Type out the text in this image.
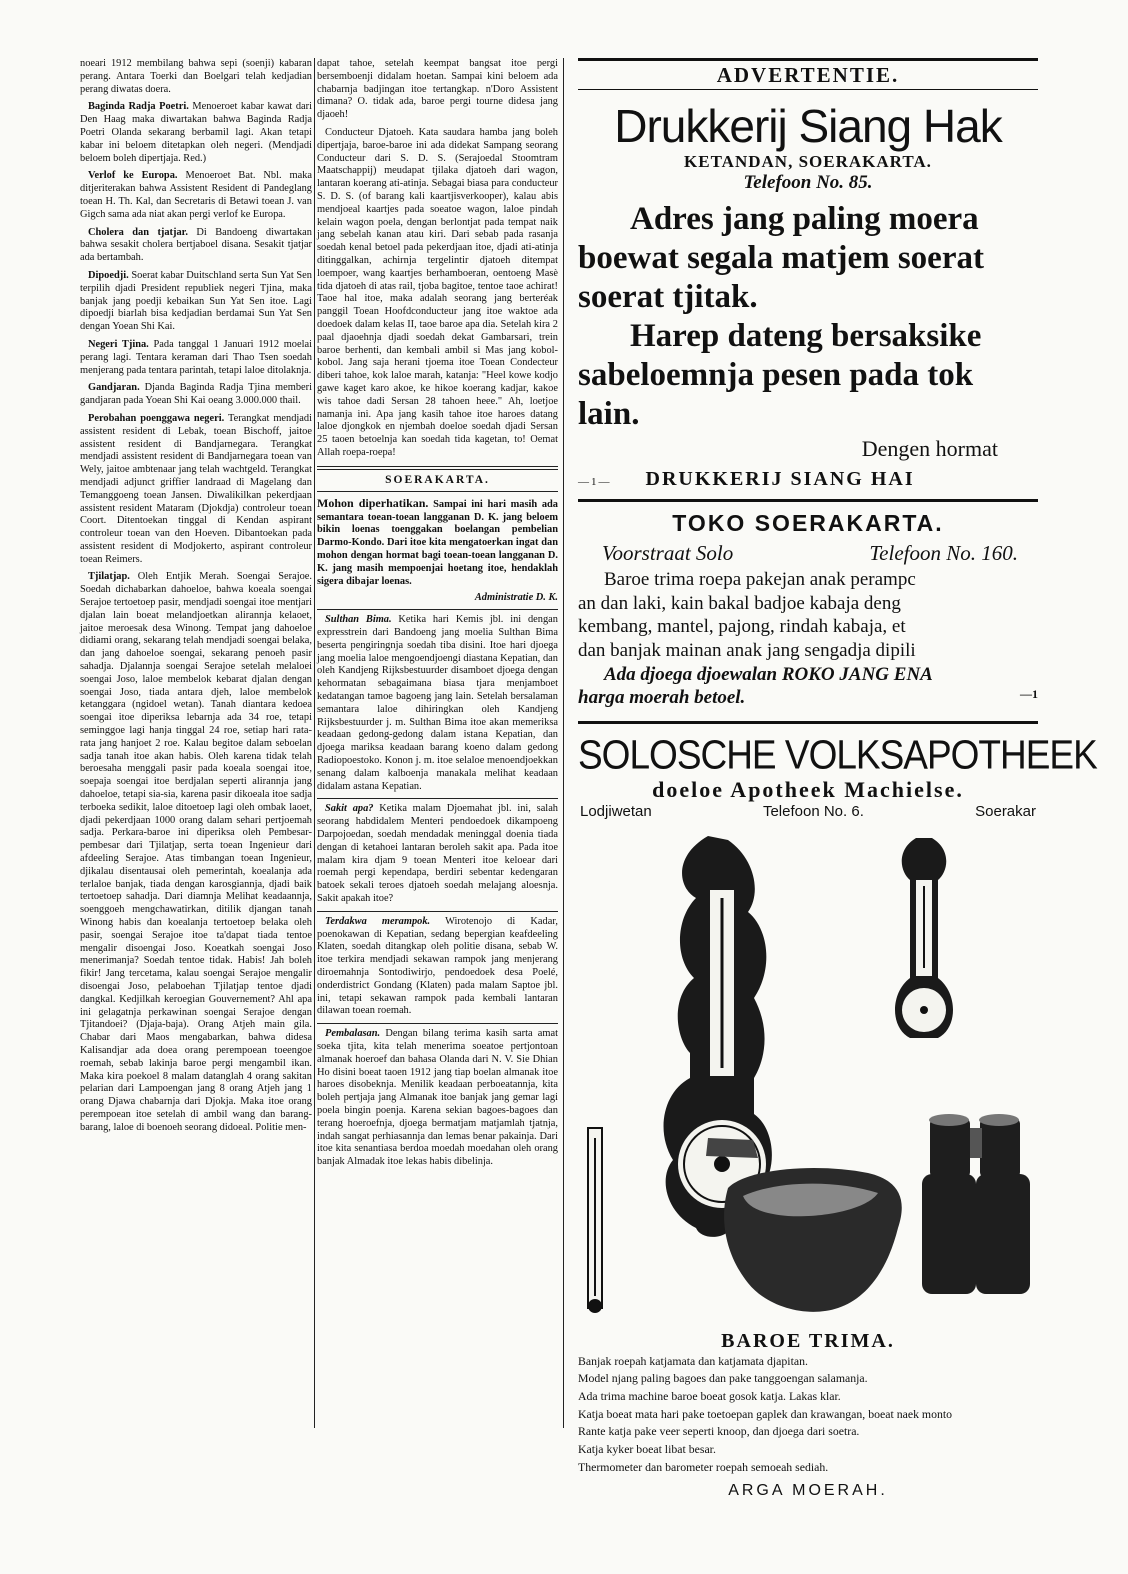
noeari 1912 membilang bahwa sepi (soenji) kabaran perang. Antara Toerki dan Boelgari telah kedjadian perang diwatas doera.

Baginda Radja Poetri. Menoeroet kabar kawat dari Den Haag maka diwartakan bahwa Baginda Radja Poetri Olanda sekarang berbamil lagi. Akan tetapi kabar ini beloem ditetapkan oleh negeri. (Mendjadi beloem boleh dipertjaja. Red.)

Verlof ke Europa. Menoeroet Bat. Nbl. maka ditjeriterakan bahwa Assistent Resident di Pandeglang toean H. Th. Kal, dan Secretaris di Betawi toean J. van Gigch sama ada niat akan pergi verlof ke Europa.

Cholera dan tjatjar. Di Bandoeng diwartakan bahwa sesakit cholera bertjaboel disana. Sesakit tjatjar ada bertambah.

Dipoedji. Soerat kabar Duitschland serta Sun Yat Sen terpilih djadi President republiek negeri Tjina, maka banjak jang poedji kebaikan Sun Yat Sen itoe. Lagi dipoedji biarlah bisa kedjadian berdamai Sun Yat Sen dengan Yoean Shi Kai.

Negeri Tjina. Pada tanggal 1 Januari 1912 moelai perang lagi. Tentara keraman dari Thao Tsen soedah menjerang pada tentara parintah, tetapi laloe ditolaknja.

Gandjaran. Djanda Baginda Radja Tjina memberi gandjaran pada Yoean Shi Kai oeang 3.000.000 thail.

Perobahan poenggawa negeri. Terangkat mendjadi assistent resident di Lebak, toean Bischoff, jaitoe assistent resident di Bandjarnegara. Terangkat mendjadi assistent resident di Bandjarnegara toean van Wely, jaitoe ambtenaar jang telah wachtgeld. Terangkat mendjadi adjunct griffier landraad di Magelang dan Temanggoeng toean Jansen. Diwalikilkan pekerdjaan assistent resident Mataram (Djokdja) controleur toean Coort. Ditentoekan tinggal di Kendan aspirant controleur toean van den Hoeven. Dibantoekan pada assistent resident di Modjokerto, aspirant controleur toean Reimers.

Tjilatjap. Oleh Entjik Merah. Soengai Serajoe. Soedah dichabarkan dahoeloe, bahwa koeala soengai Serajoe tertoetoep pasir, mendjadi soengai itoe mentjari djalan lain boeat melandjoetkan alirannja kelaoet, jaitoe meroesak desa Winong. Tempat jang dahoeloe didiami orang, sekarang telah mendjadi soengai belaka, dan jang dahoeloe soengai, sekarang penoeh pasir sahadja. Djalannja soengai Serajoe setelah melaloei soengai Joso, laloe membelok kebarat djalan dengan soengai Joso, tiada antara djeh, laloe membelok ketanggara (ngidoel wetan). Tanah diantara kedoea soengai itoe diperiksa lebarnja ada 34 roe, tetapi seminggoe lagi hanja tinggal 24 roe, setiap hari rata-rata jang hanjoet 2 roe. Kalau begitoe dalam seboelan sadja tanah itoe akan habis. Oleh karena tidak telah beroesaha menggali pasir pada koeala soengai itoe, soepaja soengai itoe berdjalan seperti alirannja jang dahoeloe, tetapi sia-sia, karena pasir dikoeala itoe sadja terboeka sedikit, laloe ditoetoep lagi oleh ombak laoet, djadi pekerdjaan 1000 orang dalam sehari pertjoemah sadja. Perkara-baroe ini diperiksa oleh Pembesar-pembesar dari Tjilatjap, serta toean Ingenieur dari afdeeling Serajoe. Atas timbangan toean Ingenieur, djikalau disentausai oleh pemerintah, koealanja ada terlaloe banjak, tiada dengan karosgiannja, djadi baik tertoetoep sahadja. Dari diamnja Melihat keadaannja, soenggoeh mengchawatirkan, ditilik djangan tanah Winong habis dan koealanja tertoetoep belaka oleh pasir, soengai Serajoe itoe ta'dapat tiada tentoe mengalir disoengai Joso. Koeatkah soengai Joso menerimanja? Soedah tentoe tidak. Habis! Jah boleh fikir! Jang tercetama, kalau soengai Serajoe mengalir disoengai Joso, pelaboehan Tjilatjap tentoe djadi dangkal. Kedjilkah keroegian Gouvernement? Ahl apa ini gelagatnja perkawinan soengai Serajoe dengan Tjitandoei? (Djaja-baja). Orang Atjeh main gila. Chabar dari Maos mengabarkan, bahwa didesa Kalisandjar ada doea orang perempoean toeengoe roemah, sebab lakinja baroe pergi mengambil ikan. Maka kira poekoel 8 malam datanglah 4 orang sakitan pelarian dari Lampoengan jang 8 orang Atjeh jang 1 orang Djawa chabarnja dari Djokja. Maka itoe orang perempoean itoe setelah di ambil wang dan barang-barang, laloe di boenoeh seorang didoeal. Politie men-

dapat tahoe, setelah keempat bangsat itoe pergi bersemboenji didalam hoetan. Sampai kini beloem ada chabarnja badjingan itoe tertangkap. n'Doro Assistent dimana? O. tidak ada, baroe pergi tourne didesa jang djaoeh!

Conducteur Djatoeh. Kata saudara hamba jang boleh dipertjaja, baroe-baroe ini ada didekat Sampang seorang Conducteur dari S. D. S. (Serajoedal Stoomtram Maatschappij) meudapat tjilaka djatoeh dari wagon, lantaran koerang ati-atinja. Sebagai biasa para conducteur S. D. S. (of barang kali kaartjisverkooper), kalau abis mendjoeal kaartjes pada soeatoe wagon, laloe pindah kelain wagon poela, dengan berlontjat pada tempat naik jang sebelah kanan atau kiri. Dari sebab pada rasanja soedah kenal betoel pada pekerdjaan itoe, djadi ati-atinja ditinggalkan, achirnja tergelintir djatoeh ditempat loempoer, wang kaartjes berhamboeran, oentoeng Masè tida djatoeh di atas rail, tjoba bagitoe, tentoe taoe achirat! Taoe hal itoe, maka adalah seorang jang berteréak panggil Toean Hoofdconducteur jang itoe waktoe ada doedoek dalam kelas II, taoe baroe apa dia. Setelah kira 2 paal djaoehnja djadi soedah dekat Gambarsari, trein baroe berhenti, dan kembali ambil si Mas jang kobol-kobol. Jang saja herani tjoema itoe Toean Condecteur diberi tahoe, kok laloe marah, katanja: "Heel kowe kodjo gawe kaget karo akoe, ke hikoe koerang kadjar, kakoe wis tahoe dadi Sersan 28 tahoen heee." Ah, loetjoe namanja ini. Apa jang kasih tahoe itoe haroes datang laloe djongkok en njembah doeloe soedah djadi Sersan 25 taoen betoelnja kan soedah tida kagetan, to! Oemat Allah roepa-roepa!

SOERAKARTA.

Mohon diperhatikan. Sampai ini hari masih ada semantara toean-toean langganan D. K. jang beloem bikin loenas toenggakan boelangan pembelian Darmo-Kondo. Dari itoe kita mengatoerkan ingat dan mohon dengan hormat bagi toean-toean langganan D. K. jang masih mempoenjai hoetang itoe, hendaklah sigera dibajar loenas.

Administratie D. K.

Sulthan Bima. Ketika hari Kemis jbl. ini dengan expresstrein dari Bandoeng jang moelia Sulthan Bima beserta pengiringnja soedah tiba disini. Itoe hari djoega jang moelia laloe mengoendjoengi diastana Kepatian, dan oleh Kandjeng Rijksbestuurder disamboet djoega dengan kehormatan sebagaimana biasa tjara menjamboet kedatangan tamoe bagoeng jang lain. Setelah bersalaman semantara laloe dihiringkan oleh Kandjeng Rijksbestuurder j. m. Sulthan Bima itoe akan memeriksa keadaan gedong-gedong dalam istana Kepatian, dan djoega mariksa keadaan barang koeno dalam gedong Radiopoestoko. Konon j. m. itoe selaloe menoendjoekkan senang dalam kalboenja manakala melihat keadaan didalam astana Kepatian.

Sakit apa? Ketika malam Djoemahat jbl. ini, salah seorang habdidalem Menteri pendoedoek dikampoeng Darpojoedan, soedah mendadak meninggal doenia tiada dengan di ketahoei lantaran beroleh sakit apa. Pada itoe malam kira djam 9 toean Menteri itoe keloear dari roemah pergi kependapa, berdiri sebentar kedengaran batoek sekali teroes djatoeh soedah melajang aloesnja. Sakit apakah itoe?

Terdakwa merampok. Wirotenojo di Kadar, poenokawan di Kepatian, sedang bepergian keafdeeling Klaten, soedah ditangkap oleh politie disana, sebab W. itoe terkira mendjadi sekawan rampok jang menjerang diroemahnja Sontodiwirjo, pendoedoek desa Poelé, onderdistrict Gondang (Klaten) pada malam Saptoe jbl. ini, tetapi sekawan rampok pada kembali lantaran dilawan toean roemah.

Pembalasan. Dengan bilang terima kasih sarta amat soeka tjita, kita telah menerima soeatoe pertjontoan almanak hoeroef dan bahasa Olanda dari N. V. Sie Dhian Ho disini boeat taoen 1912 jang tiap boelan almanak itoe haroes disobeknja. Menilik keadaan perboeatannja, kita boleh pertjaja jang Almanak itoe banjak jang gemar lagi poela bingin poenja. Karena sekian bagoes-bagoes dan terang hoeroefnja, djoega bermatjam matjamlah tjatnja, indah sangat perhiasannja dan lemas benar pakainja. Dari itoe kita senantiasa berdoa moedah moedahan oleh orang banjak Almadak itoe lekas habis dibelinja.

ADVERTENTIE.
Drukkerij Siang Hak
KETANDAN, SOERAKARTA.
Telefoon No. 85.
Adres jang paling moera
boewat segala matjem soerat
soerat tjitak.
Harep dateng bersaksike
sabeloemnja pesen pada tok
lain.
Dengen hormat
—1— DRUKKERIJ SIANG HAI
TOKO SOERAKARTA.
Voorstraat Solo	Telefoon No. 160.
Baroe trima roepa pakejan anak perampc
an dan laki, kain bakal badjoe kabaja deng
kembang, mantel, pajong, rindah kabaja, et
dan banjak mainan anak jang sengadja dipili
Ada djoega djoewalan ROKO JANG ENA
harga moerah betoel.	—1
SOLOSCHE VOLKSAPOTHEEK
doeloe Apotheek Machielse.
Lodjiwetan	Telefoon No. 6.	Soerakar
BAROE TRIMA.
Banjak roepah katjamata dan katjamata djapitan.
Model njang paling bagoes dan pake tanggoengan salamanja.
Ada trima machine baroe boeat gosok katja. Lakas klar.
Katja boeat mata hari pake toetoepan gaplek dan krawangan, boeat naek monto
Rante katja pake veer seperti knoop, dan djoega dari soetra.
Katja kyker boeat libat besar.
Thermometer dan barometer roepah semoeah sediah.
ARGA MOERAH.
